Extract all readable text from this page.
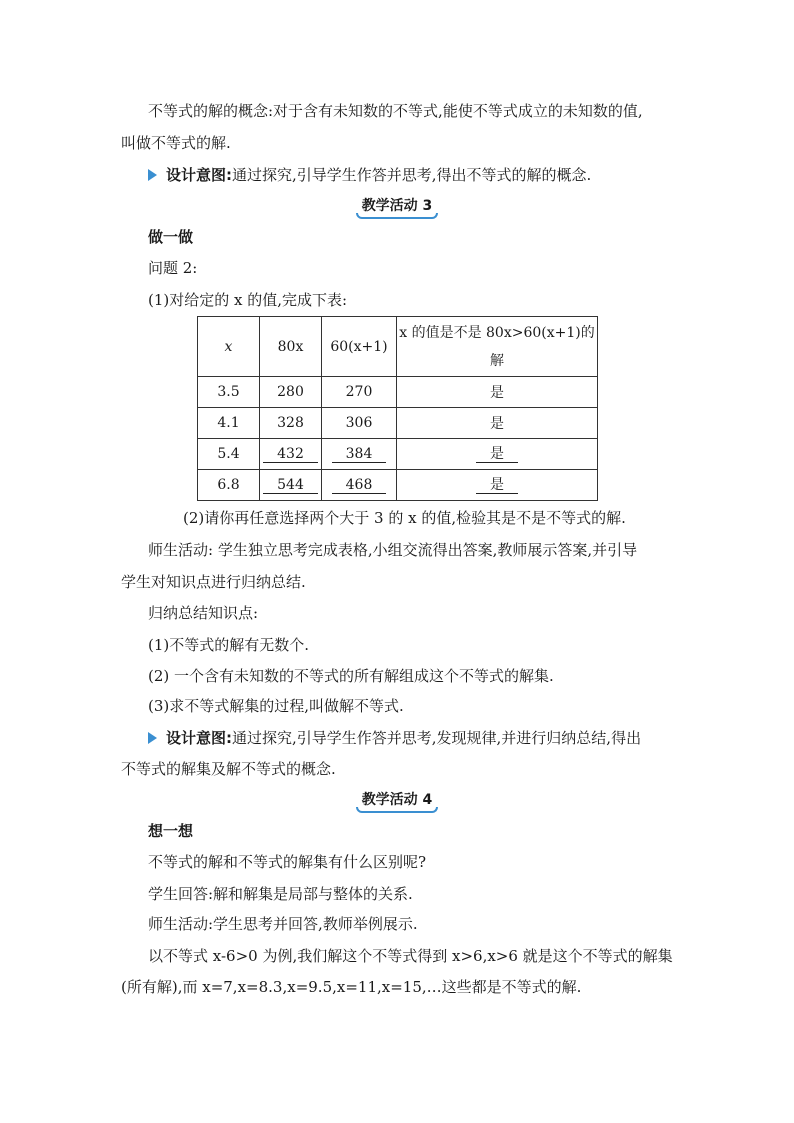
不等式的解的概念:对于含有未知数的不等式,能使不等式成立的未知数的值,
叫做不等式的解.
设计意图:通过探究,引导学生作答并思考,得出不等式的解的概念.
教学活动 3
做一做
问题 2:
(1)对给定的 x 的值,完成下表:
x	80x	60(x+1)	x 的值是不是 80x>60(x+1)的
解

3.5	280	270	是
4.1	328	306	是
5.4	432	384	是
6.8	544	468	是
(2)请你再任意选择两个大于 3 的 x 的值,检验其是不是不等式的解.
师生活动: 学生独立思考完成表格,小组交流得出答案,教师展示答案,并引导
学生对知识点进行归纳总结.
归纳总结知识点:
(1)不等式的解有无数个.
(2) 一个含有未知数的不等式的所有解组成这个不等式的解集.
(3)求不等式解集的过程,叫做解不等式.
设计意图:通过探究,引导学生作答并思考,发现规律,并进行归纳总结,得出
不等式的解集及解不等式的概念.
教学活动 4
想一想
不等式的解和不等式的解集有什么区别呢?
学生回答:解和解集是局部与整体的关系.
师生活动:学生思考并回答,教师举例展示.
以不等式 x-6>0 为例,我们解这个不等式得到 x>6,x>6 就是这个不等式的解集
(所有解),而 x=7,x=8.3,x=9.5,x=11,x=15,…这些都是不等式的解.
